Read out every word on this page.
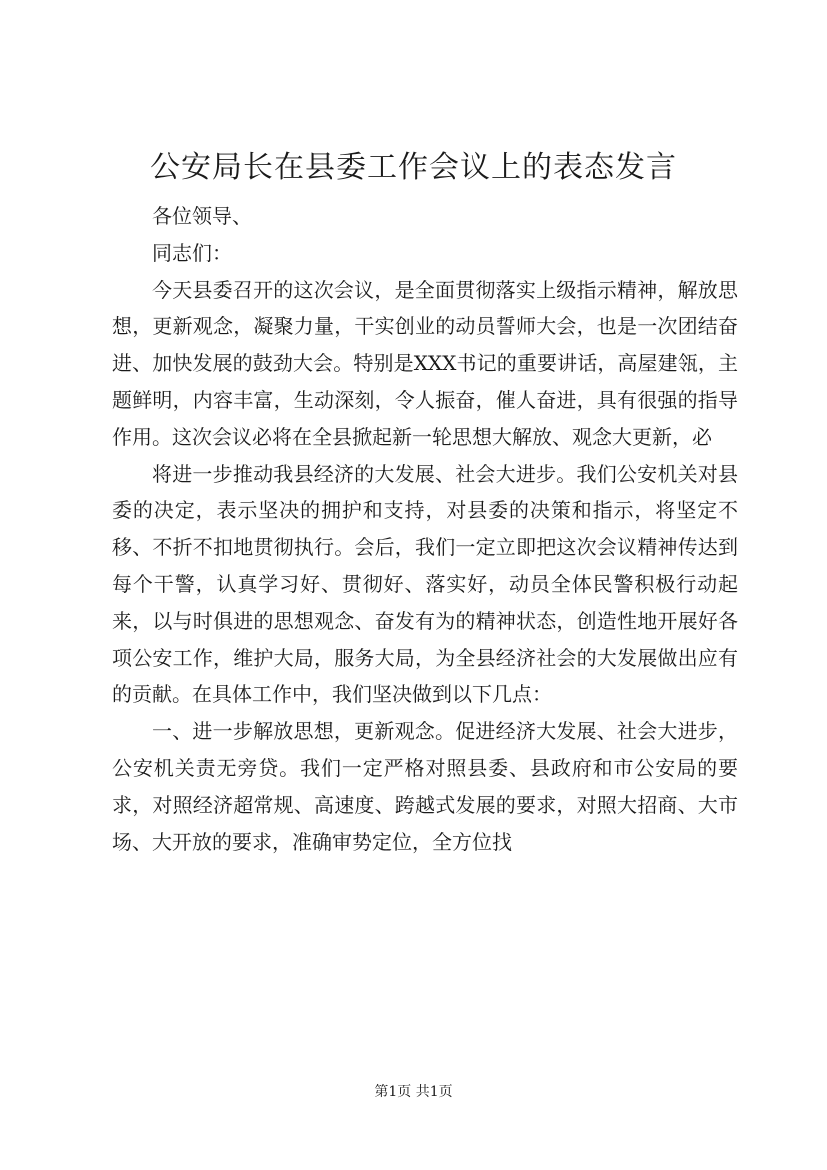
公安局长在县委工作会议上的表态发言

各位领导、

同志们：

今天县委召开的这次会议，是全面贯彻落实上级指示精神，解放思想，更新观念，凝聚力量，干实创业的动员誓师大会，也是一次团结奋进、加快发展的鼓劲大会。特别是XXX书记的重要讲话，高屋建瓴，主题鲜明，内容丰富，生动深刻，令人振奋，催人奋进，具有很强的指导作用。这次会议必将在全县掀起新一轮思想大解放、观念大更新，必

将进一步推动我县经济的大发展、社会大进步。我们公安机关对县委的决定，表示坚决的拥护和支持，对县委的决策和指示，将坚定不移、不折不扣地贯彻执行。会后，我们一定立即把这次会议精神传达到每个干警，认真学习好、贯彻好、落实好，动员全体民警积极行动起来，以与时俱进的思想观念、奋发有为的精神状态，创造性地开展好各项公安工作，维护大局，服务大局，为全县经济社会的大发展做出应有的贡献。在具体工作中，我们坚决做到以下几点：

一、进一步解放思想，更新观念。促进经济大发展、社会大进步，公安机关责无旁贷。我们一定严格对照县委、县政府和市公安局的要求，对照经济超常规、高速度、跨越式发展的要求，对照大招商、大市场、大开放的要求，准确审势定位，全方位找

第1页 共1页
